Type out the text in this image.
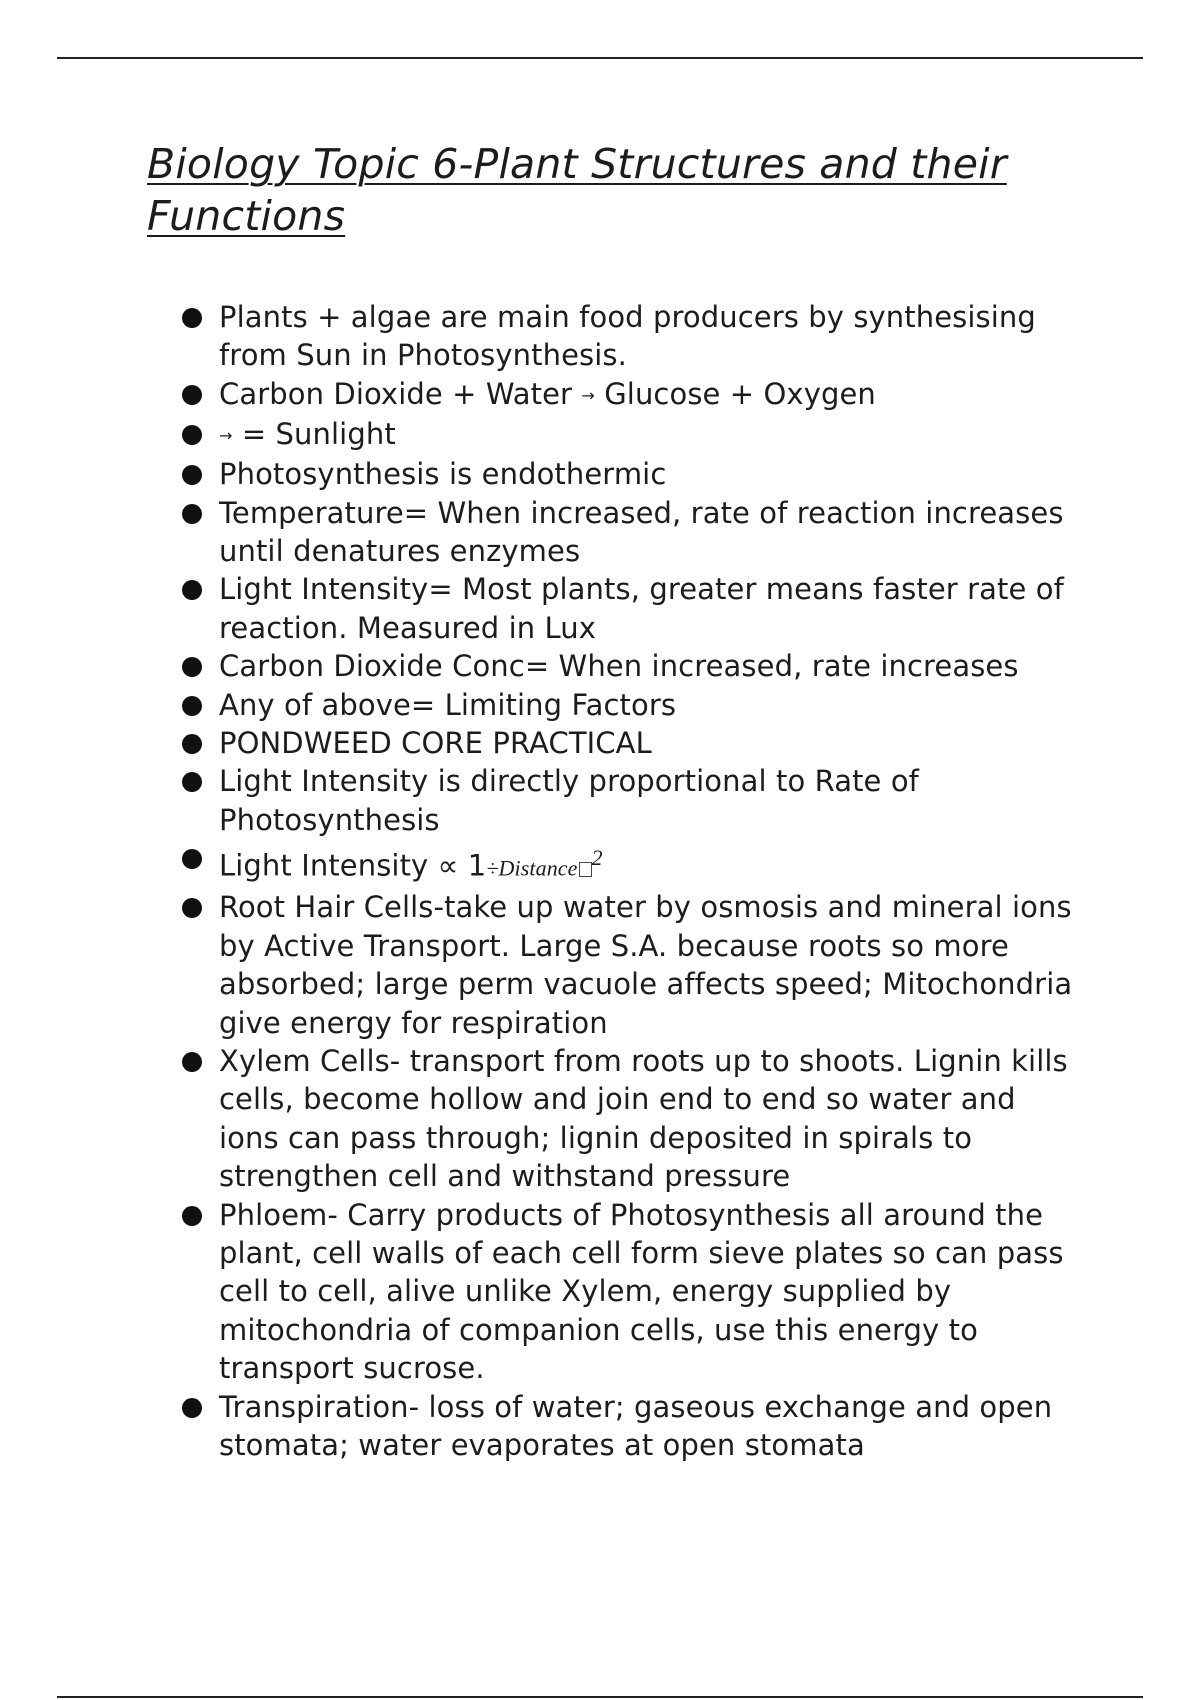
Biology Topic 6-Plant Structures and their Functions
Plants + algae are main food producers by synthesising from Sun in Photosynthesis.
Carbon Dioxide + Water → Glucose + Oxygen
→ = Sunlight
Photosynthesis is endothermic
Temperature= When increased, rate of reaction increases until denatures enzymes
Light Intensity= Most plants, greater means faster rate of reaction. Measured in Lux
Carbon Dioxide Conc= When increased, rate increases
Any of above= Limiting Factors
PONDWEED CORE PRACTICAL
Light Intensity is directly proportional to Rate of Photosynthesis
Light Intensity ∝ 1÷Distance $^2$
Root Hair Cells-take up water by osmosis and mineral ions by Active Transport. Large S.A. because roots so more absorbed; large perm vacuole affects speed; Mitochondria give energy for respiration
Xylem Cells- transport from roots up to shoots. Lignin kills cells, become hollow and join end to end so water and ions can pass through; lignin deposited in spirals to strengthen cell and withstand pressure
Phloem- Carry products of Photosynthesis all around the plant, cell walls of each cell form sieve plates so can pass cell to cell, alive unlike Xylem, energy supplied by mitochondria of companion cells, use this energy to transport sucrose.
Transpiration- loss of water; gaseous exchange and open stomata; water evaporates at open stomata
